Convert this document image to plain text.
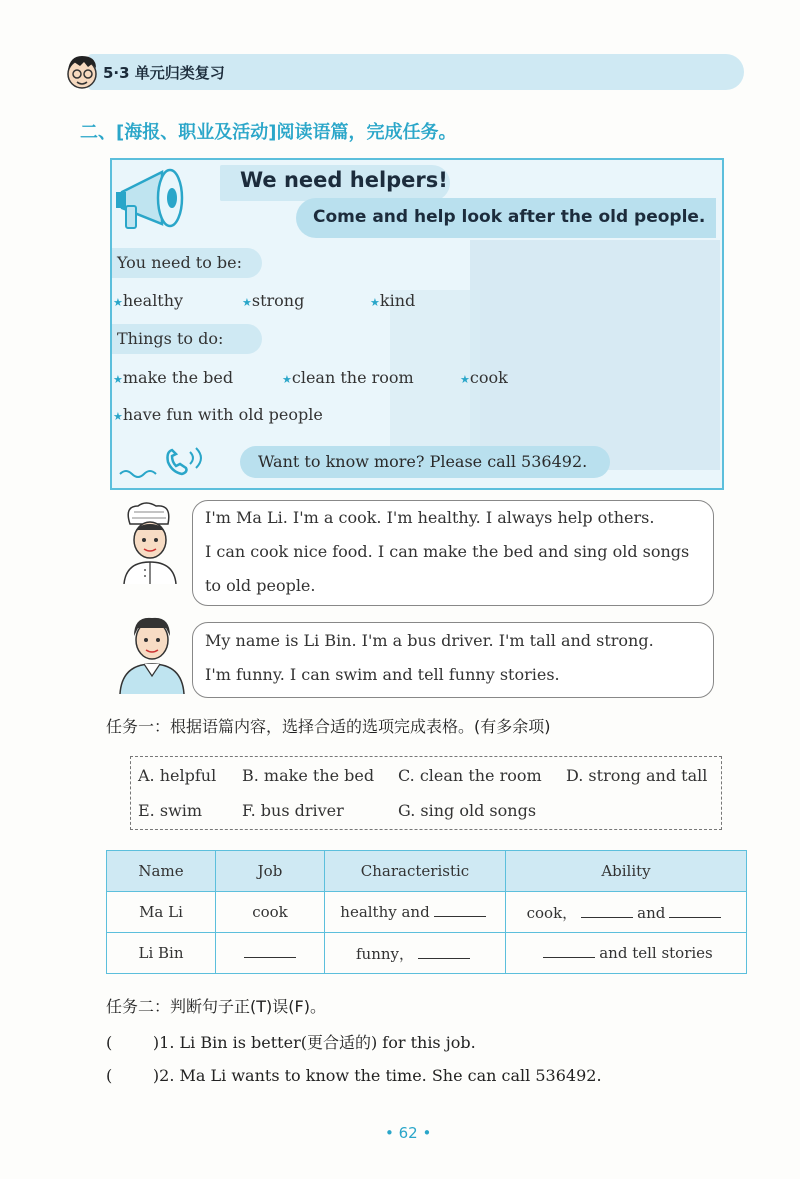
5·3 单元归类复习
二、[海报、职业及活动]阅读语篇，完成任务。
We need helpers!
Come and help look after the old people.
You need to be:
★healthy	★strong	★kind
Things to do:
★make the bed	★clean the room	★cook
★have fun with old people
Want to know more? Please call 536492.
I'm Ma Li. I'm a cook. I'm healthy. I always help others.
I can cook nice food. I can make the bed and sing old songs
to old people.
My name is Li Bin. I'm a bus driver. I'm tall and strong.
I'm funny. I can swim and tell funny stories.
任务一：根据语篇内容，选择合适的选项完成表格。(有多余项)
A. helpful B. make the bed C. clean the room D. strong and tall
E. swim F. bus driver	G. sing old songs
Name	Job	Characteristic	Ability
Ma Li	cook	healthy and	cook， and
Li Bin		funny，	and tell stories
任务二：判断句子正(T)误(F)。
(        )1. Li Bin is better(更合适的) for this job.
(        )2. Ma Li wants to know the time. She can call 536492.
• 62 •
